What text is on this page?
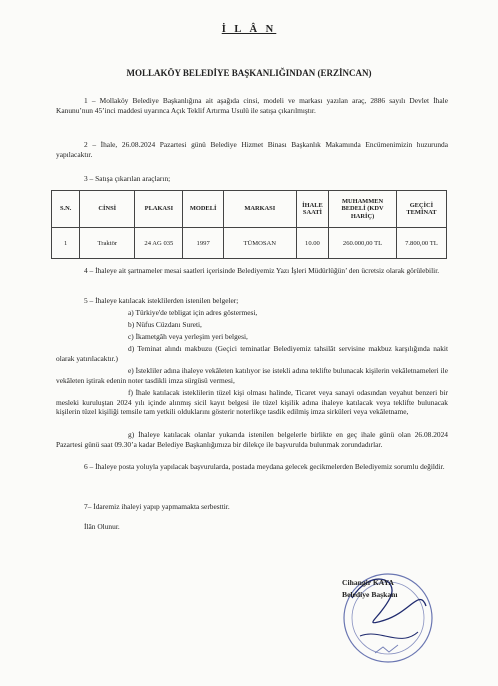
İ L Â N
MOLLAKÖY BELEDİYE BAŞKANLIĞINDAN (ERZİNCAN)
1 – Mollaköy Belediye Başkanlığına ait aşağıda cinsi, modeli ve markası yazılan araç, 2886 sayılı Devlet İhale Kanunu’nun 45’inci maddesi uyarınca Açık Teklif Artırma Usulü ile satışa çıkarılmıştır.
2 – İhale, 26.08.2024 Pazartesi günü Belediye Hizmet Binası Başkanlık Makamında Encümenimizin huzurunda yapılacaktır.
3 – Satışa çıkarılan araçların;
S.N.	CİNSİ	PLAKASI	MODELİ	MARKASI	İHALE SAATİ	MUHAMMEN BEDELİ (KDV HARİÇ)	GEÇİCİ TEMİNAT
1	Traktör	24 AG 035	1997	TÜMOSAN	10.00	260.000,00 TL	7.800,00 TL
4 – İhaleye ait şartnameler mesai saatleri içerisinde Belediyemiz Yazı İşleri Müdürlüğün’ den ücretsiz olarak görülebilir.
5 – İhaleye katılacak isteklilerden istenilen belgeler;
a) Türkiye'de tebligat için adres göstermesi,
b) Nüfus Cüzdanı Sureti,
c) İkametgâh veya yerleşim yeri belgesi,
d) Teminat alındı makbuzu (Geçici teminatlar Belediyemiz tahsilât servisine makbuz karşılığında nakit olarak yatırılacaktır.)
e) İstekliler adına ihaleye vekâleten katılıyor ise istekli adına teklifte bulunacak kişilerin vekâletnameleri ile vekâleten iştirak edenin noter tasdikli imza sürgüsü vermesi,
f) İhale katılacak isteklilerin tüzel kişi olması halinde, Ticaret veya sanayi odasından veyahut benzeri bir mesleki kuruluştan 2024 yılı içinde alınmış sicil kayıt belgesi ile tüzel kişilik adına ihaleye katılacak veya teklifte bulunacak kişilerin tüzel kişiliği temsile tam yetkili olduklarını gösterir noterlikçe tasdik edilmiş imza sirküleri veya vekâletname,
g) İhaleye katılacak olanlar yukarıda istenilen belgelerle birlikte en geç ihale günü olan 26.08.2024 Pazartesi günü saat 09.30’a kadar Belediye Başkanlığımıza bir dilekçe ile başvurulda bulunmak zorundadırlar.
6 – İhaleye posta yoluyla yapılacak başvurularda, postada meydana gelecek gecikmelerden Belediyemiz sorumlu değildir.
7– İdaremiz ihaleyi yapıp yapmamakta serbesttir.
İlân Olunur.
Cihangir KAYA
Belediye Başkanı
